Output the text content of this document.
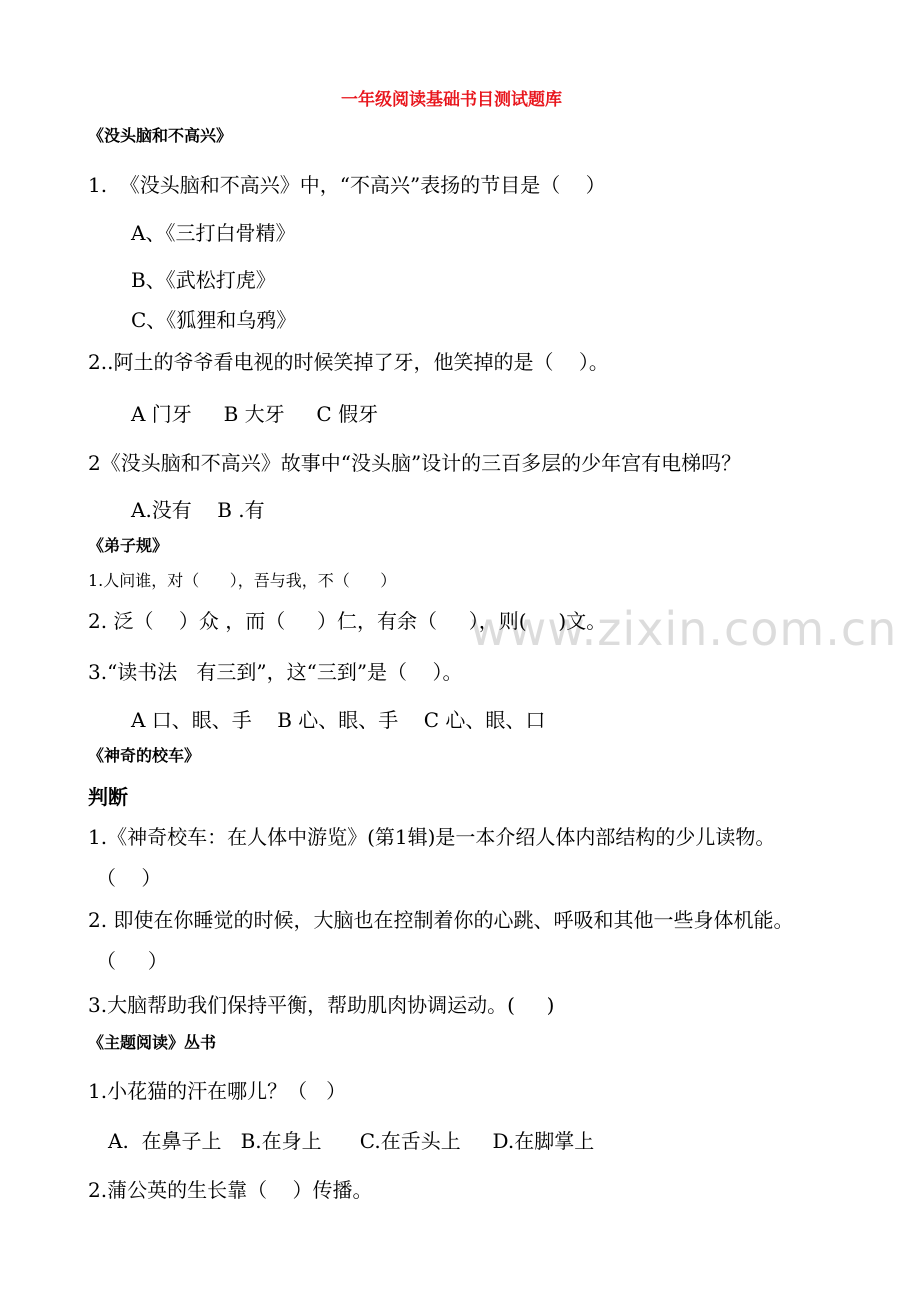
www.zixin.com.cn
一年级阅读基础书目测试题库
《没头脑和不高兴》
1.  《没头脑和不高兴》中，“不高兴”表扬的节目是（    ）
A、《三打白骨精》
B、《武松打虎》
C、《狐狸和乌鸦》
2..阿土的爷爷看电视的时候笑掉了牙，他笑掉的是（    ）。
A 门牙     B 大牙     C 假牙
2《没头脑和不高兴》故事中“没头脑”设计的三百多层的少年宫有电梯吗？
A.没有    B .有
《弟子规》
1.人问谁，对（      ），吾与我，不（      ）
2. 泛（    ）众 ，而（     ）仁，有余（     ），则(     )文。
3.“读书法   有三到”，这“三到”是（    ）。
A 口、眼、手    B 心、眼、手    C 心、眼、口
《神奇的校车》
判断
1.《神奇校车：在人体中游览》(第1辑)是一本介绍人体内部结构的少儿读物。
（    ）
2. 即使在你睡觉的时候，大脑也在控制着你的心跳、呼吸和其他一些身体机能。
（     ）
3.大脑帮助我们保持平衡，帮助肌肉协调运动。(     )
《主题阅读》丛书
1.小花猫的汗在哪儿？（   ）
A.  在鼻子上   B.在身上      C.在舌头上     D.在脚掌上
2.蒲公英的生长靠（    ）传播。
